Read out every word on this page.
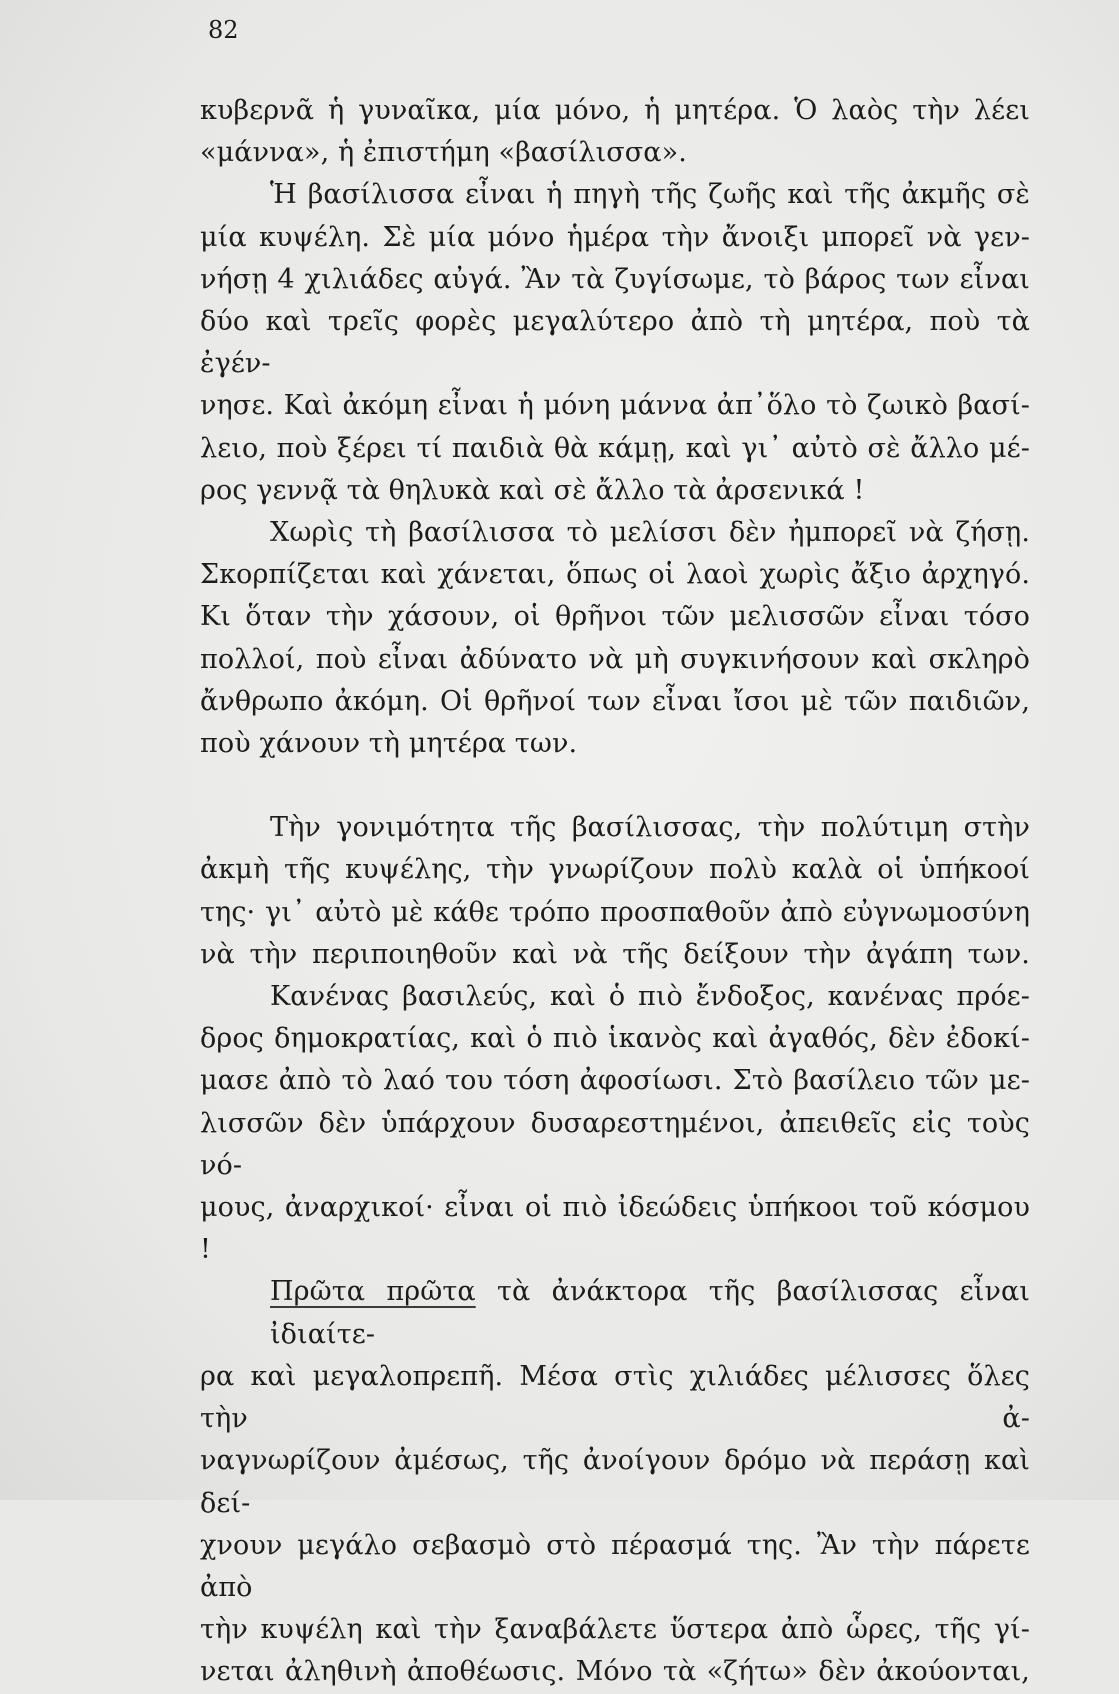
82
κυβερνᾶ ἡ γυναῖκα, μία μόνο, ἡ μητέρα. Ὁ λαὸς τὴν λέει
«μάννα», ἡ ἐπιστήμη «βασίλισσα».
Ἡ βασίλισσα εἶναι ἡ πηγὴ τῆς ζωῆς καὶ τῆς ἀκμῆς σὲ
μία κυψέλη. Σὲ μία μόνο ἡμέρα τὴν ἄνοιξι μπορεῖ νὰ γεν-
νήσῃ 4 χιλιάδες αὐγά. Ἂν τὰ ζυγίσωμε, τὸ βάρος των εἶναι
δύο καὶ τρεῖς φορὲς μεγαλύτερο ἀπὸ τὴ μητέρα, ποὺ τὰ ἐγέν-
νησε. Καὶ ἀκόμη εἶναι ἡ μόνη μάννα ἀπ᾽ὅλο τὸ ζωικὸ βασί-
λειο, ποὺ ξέρει τί παιδιὰ θὰ κάμῃ, καὶ γι᾽ αὐτὸ σὲ ἄλλο μέ-
ρος γεννᾷ τὰ θηλυκὰ καὶ σὲ ἄλλο τὰ ἀρσενικά !
Χωρὶς τὴ βασίλισσα τὸ μελίσσι δὲν ἠμπορεῖ νὰ ζήσῃ.
Σκορπίζεται καὶ χάνεται, ὅπως οἱ λαοὶ χωρὶς ἄξιο ἀρχηγό.
Κι ὅταν τὴν χάσουν, οἱ θρῆνοι τῶν μελισσῶν εἶναι τόσο
πολλοί, ποὺ εἶναι ἀδύνατο νὰ μὴ συγκινήσουν καὶ σκληρὸ
ἄνθρωπο ἀκόμη. Οἱ θρῆνοί των εἶναι ἴσοι μὲ τῶν παιδιῶν,
ποὺ χάνουν τὴ μητέρα των.
Τὴν γονιμότητα τῆς βασίλισσας, τὴν πολύτιμη στὴν
ἀκμὴ τῆς κυψέλης, τὴν γνωρίζουν πολὺ καλὰ οἱ ὑπήκοοί
της· γι᾽ αὐτὸ μὲ κάθε τρόπο προσπαθοῦν ἀπὸ εὐγνωμοσύνη
νὰ τὴν περιποιηθοῦν καὶ νὰ τῆς δείξουν τὴν ἀγάπη των.
Κανένας βασιλεύς, καὶ ὁ πιὸ ἔνδοξος, κανένας πρόε-
δρος δημοκρατίας, καὶ ὁ πιὸ ἱκανὸς καὶ ἀγαθός, δὲν ἐδοκί-
μασε ἀπὸ τὸ λαό του τόση ἀφοσίωσι. Στὸ βασίλειο τῶν με-
λισσῶν δὲν ὑπάρχουν δυσαρεστημένοι, ἀπειθεῖς εἰς τοὺς νό-
μους, ἀναρχικοί· εἶναι οἱ πιὸ ἰδεώδεις ὑπήκοοι τοῦ κόσμου !
Πρῶτα πρῶτα τὰ ἀνάκτορα τῆς βασίλισσας εἶναι ἰδιαίτε-
ρα καὶ μεγαλοπρεπῆ. Μέσα στὶς χιλιάδες μέλισσες ὅλες τὴν ἀ-
ναγνωρίζουν ἀμέσως, τῆς ἀνοίγουν δρόμο νὰ περάσῃ καὶ δεί-
χνουν μεγάλο σεβασμὸ στὸ πέρασμά της. Ἂν τὴν πάρετε ἀπὸ
τὴν κυψέλη καὶ τὴν ξαναβάλετε ὕστερα ἀπὸ ὧρες, τῆς γί-
νεται ἀληθινὴ ἀποθέωσις. Μόνο τὰ «ζήτω» δὲν ἀκούονται,
